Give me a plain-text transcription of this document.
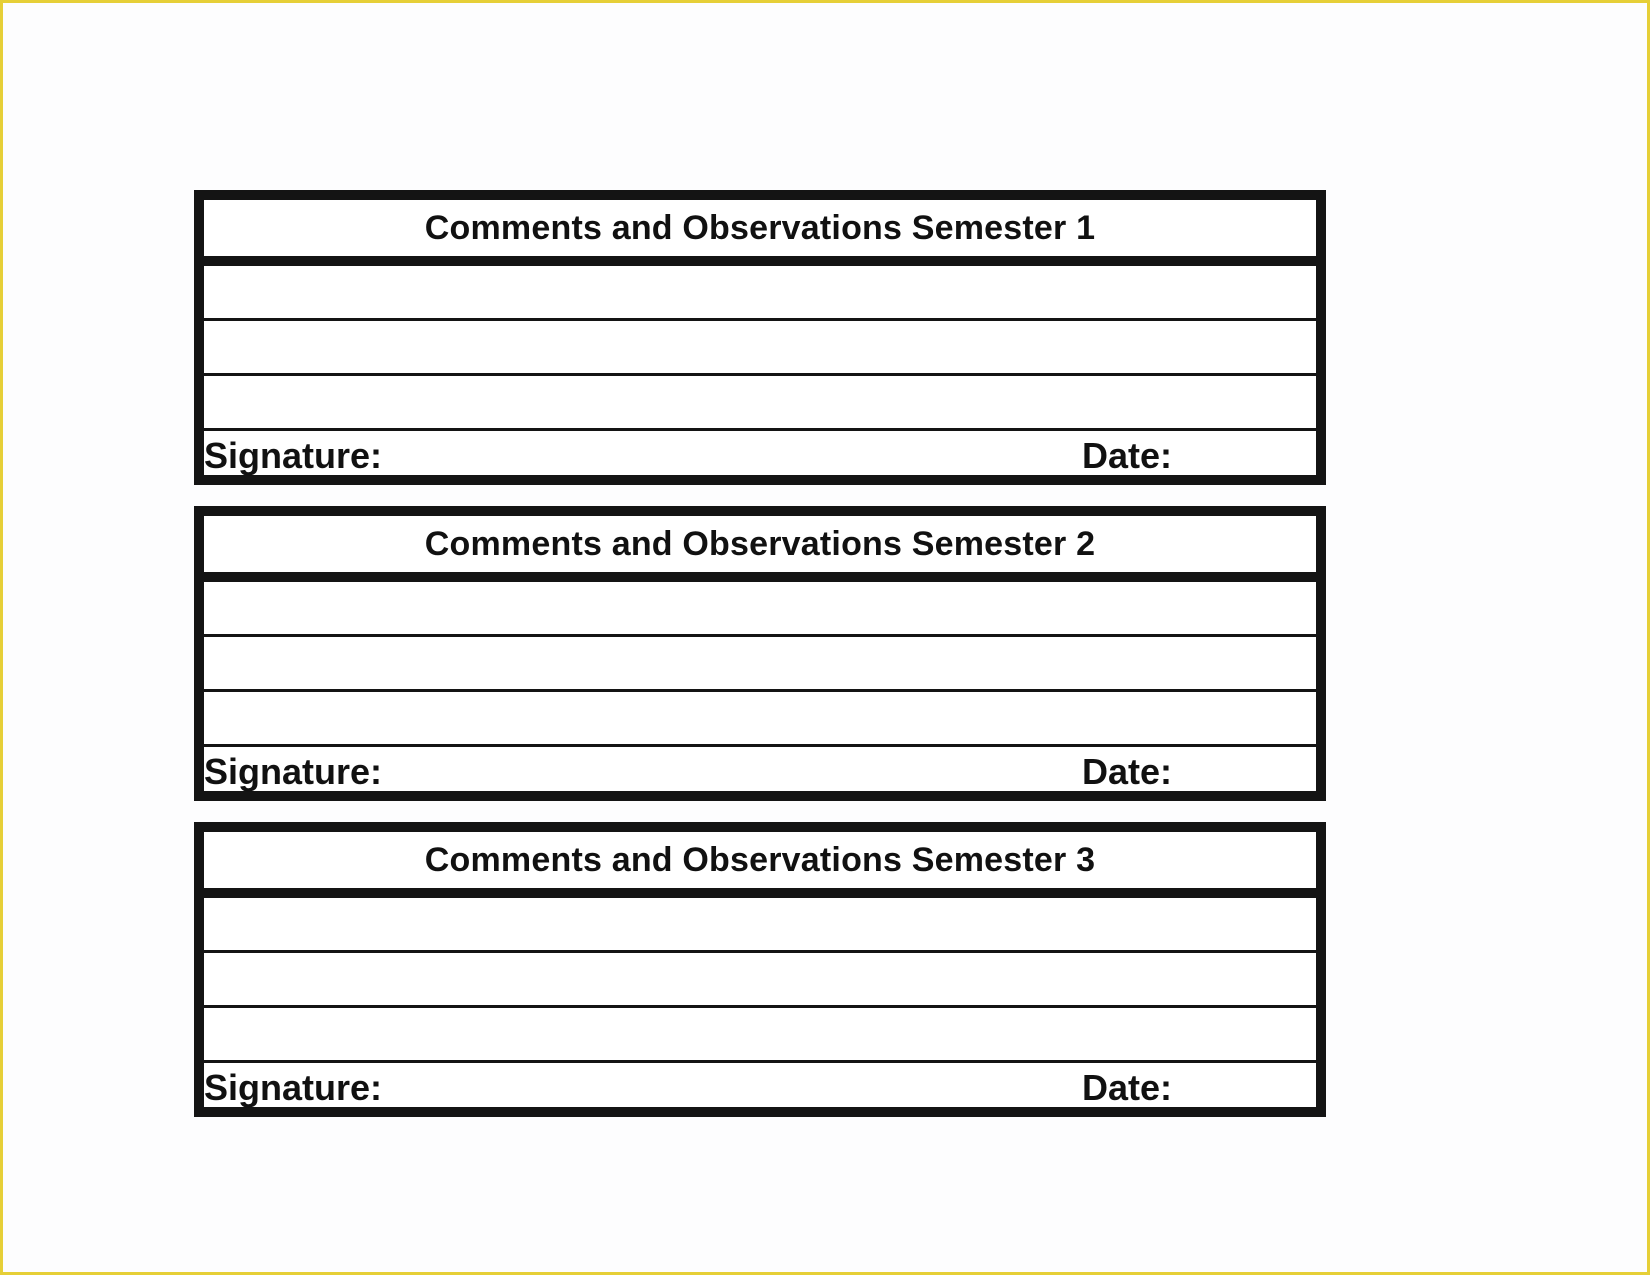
Comments and Observations Semester 1
Signature:	Date:
Comments and Observations Semester 2
Signature:	Date:
Comments and Observations Semester 3
Signature:	Date:
